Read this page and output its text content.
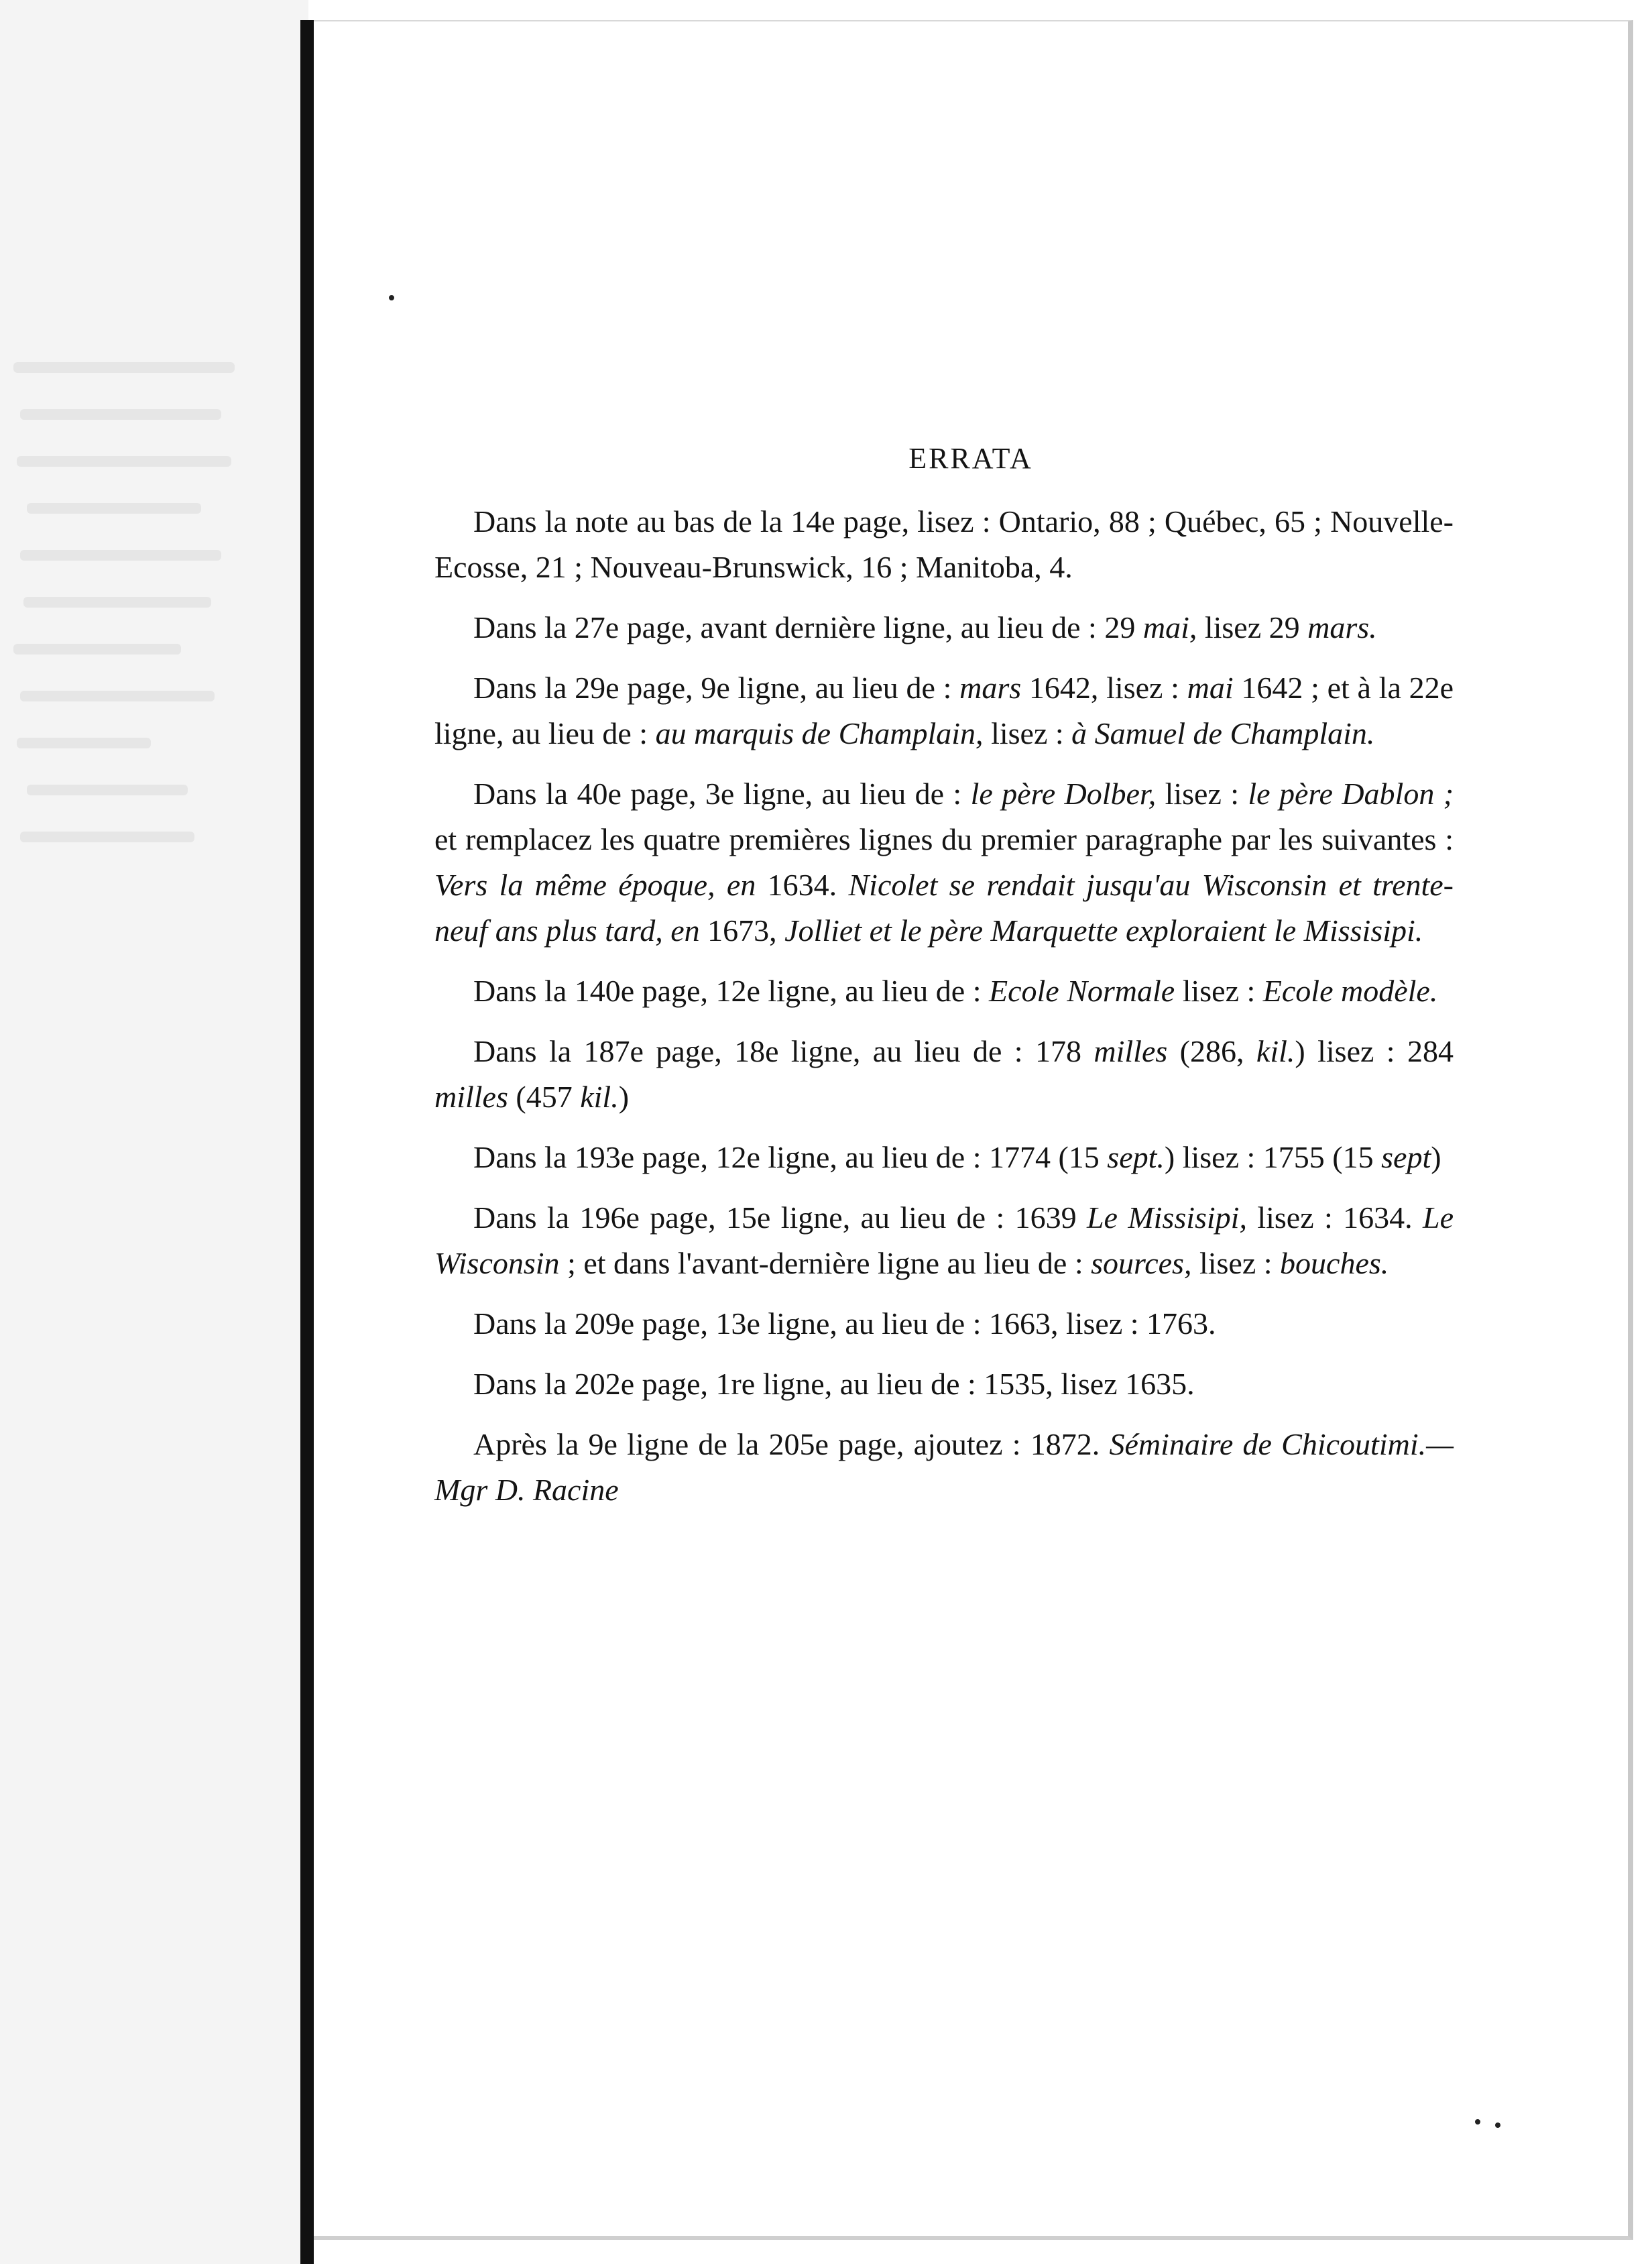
ERRATA

Dans la note au bas de la 14e page, lisez : Ontario, 88 ; Québec, 65 ; Nouvelle-Ecosse, 21 ; Nouveau-Brunswick, 16 ; Manitoba, 4.

Dans la 27e page, avant dernière ligne, au lieu de : 29 mai, lisez 29 mars.

Dans la 29e page, 9e ligne, au lieu de : mars 1642, lisez : mai 1642 ; et à la 22e ligne, au lieu de : au marquis de Champlain, lisez : à Samuel de Champlain.

Dans la 40e page, 3e ligne, au lieu de : le père Dolber, lisez : le père Dablon ; et remplacez les quatre premières lignes du premier paragraphe par les suivantes : Vers la même époque, en 1634. Nicolet se rendait jusqu'au Wisconsin et trente-neuf ans plus tard, en 1673, Jolliet et le père Marquette exploraient le Missisipi.

Dans la 140e page, 12e ligne, au lieu de : Ecole Normale lisez : Ecole modèle.

Dans la 187e page, 18e ligne, au lieu de : 178 milles (286, kil.) lisez : 284 milles (457 kil.)

Dans la 193e page, 12e ligne, au lieu de : 1774 (15 sept.) lisez : 1755 (15 sept)

Dans la 196e page, 15e ligne, au lieu de : 1639 Le Missisipi, lisez : 1634. Le Wisconsin ; et dans l'avant-dernière ligne au lieu de : sources, lisez : bouches.

Dans la 209e page, 13e ligne, au lieu de : 1663, lisez : 1763.

Dans la 202e page, 1re ligne, au lieu de : 1535, lisez 1635.

Après la 9e ligne de la 205e page, ajoutez : 1872. Séminaire de Chicoutimi.—Mgr D. Racine
